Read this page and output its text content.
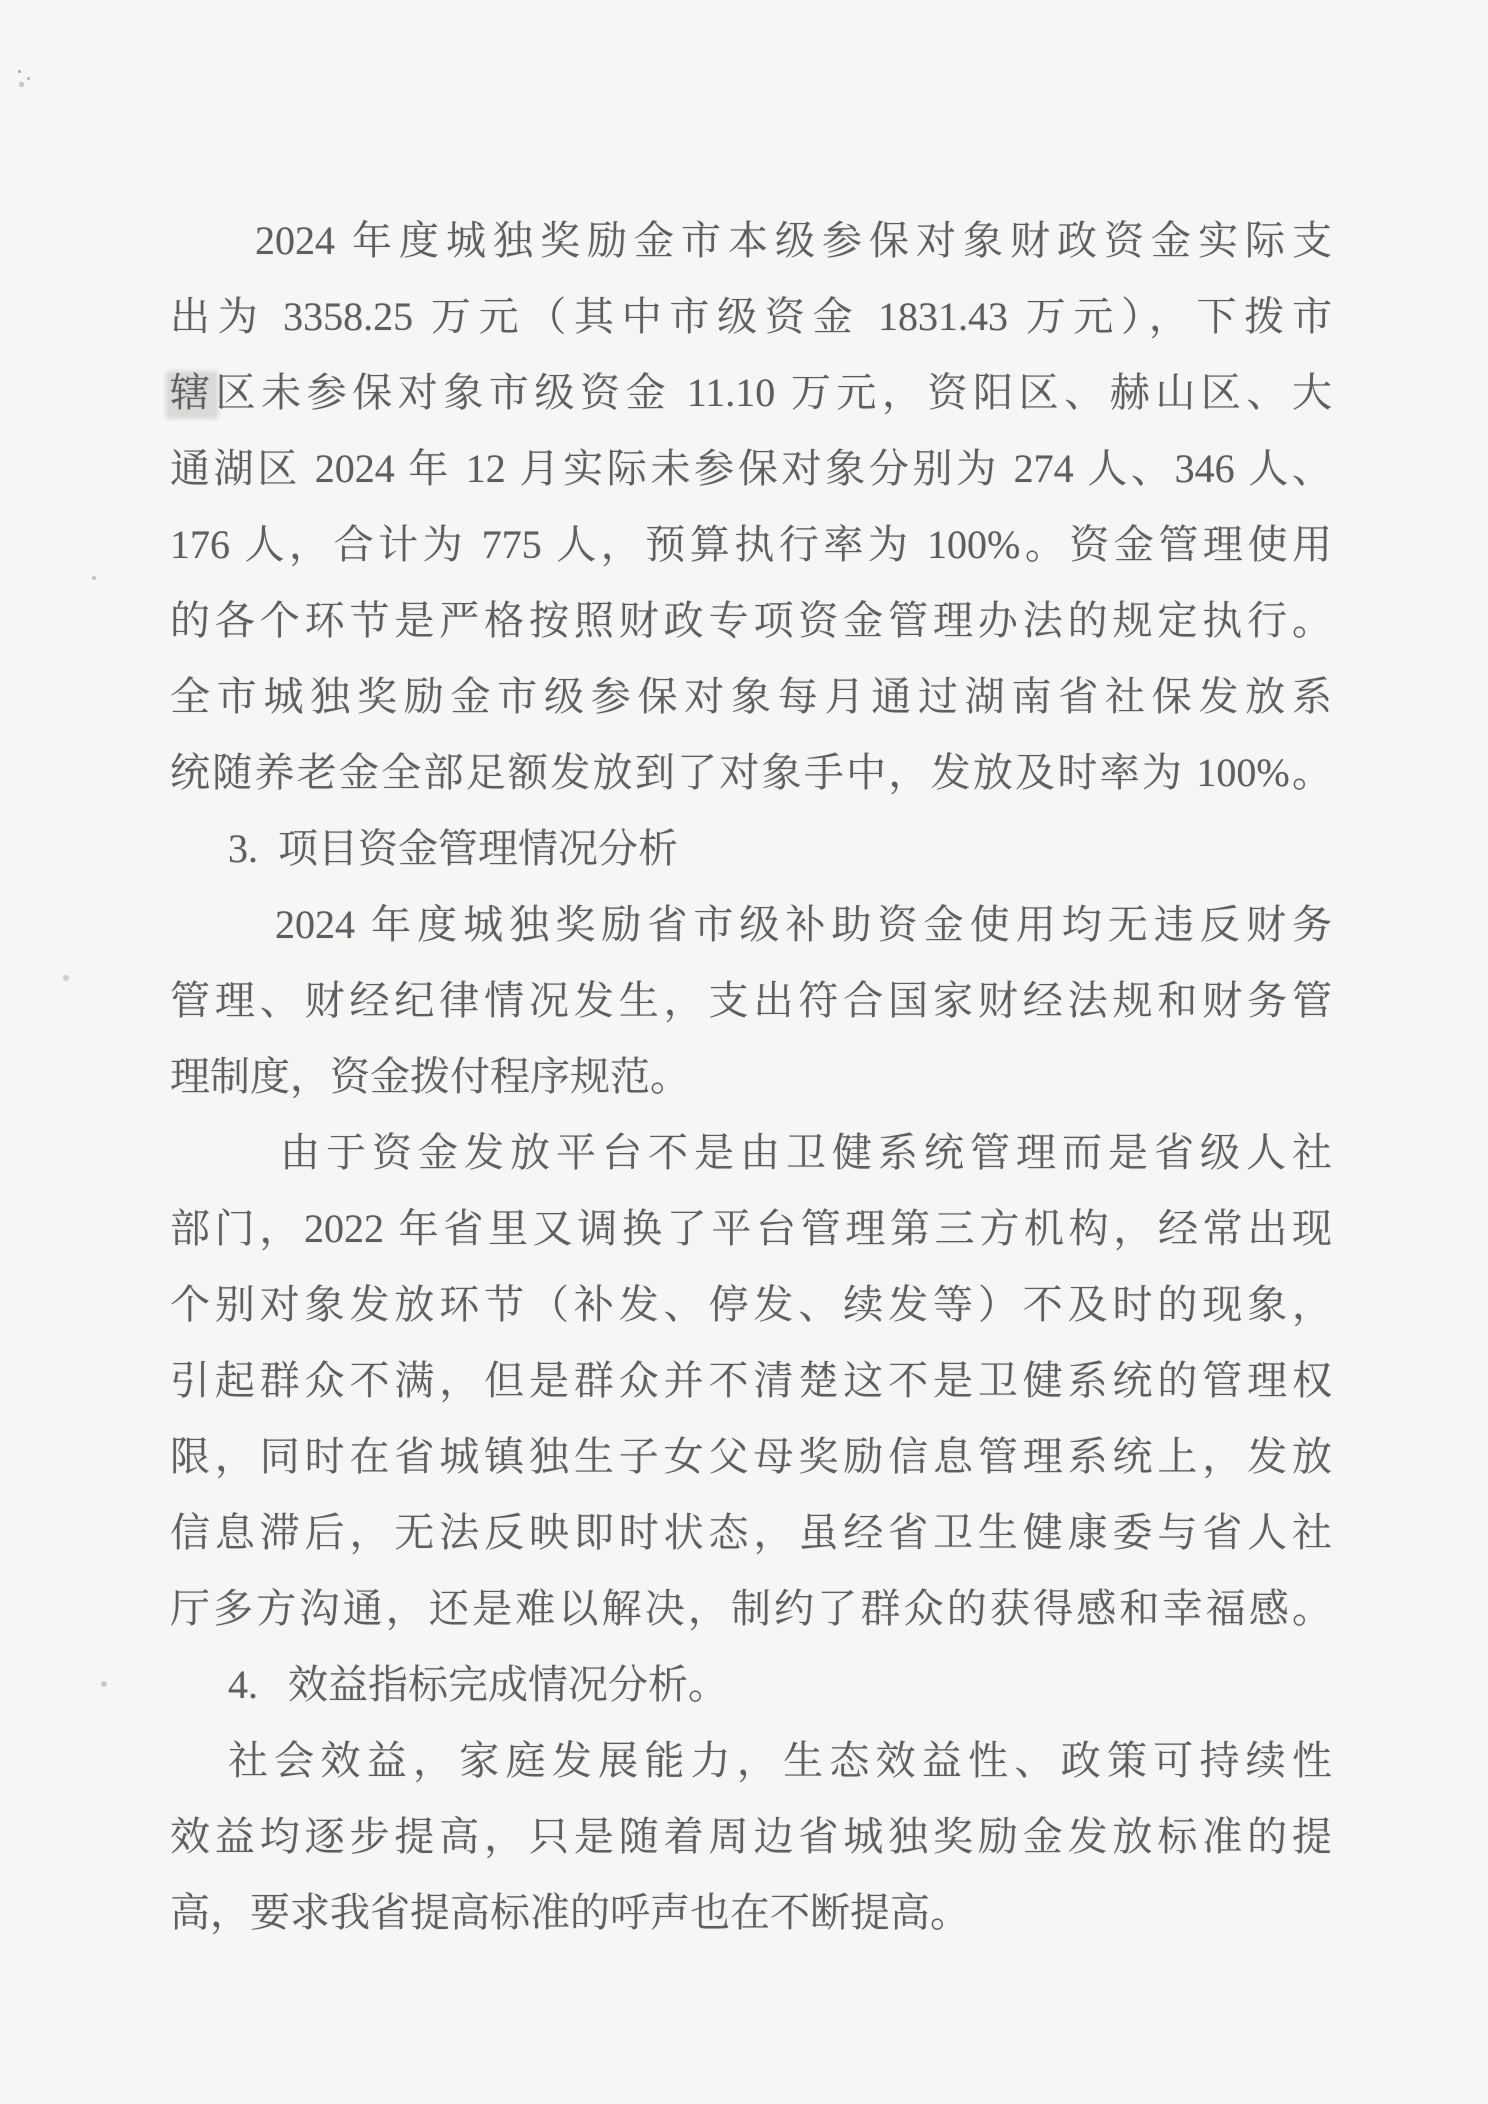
2024 年度城独奖励金市本级参保对象财政资金实际支
出为 3358.25 万元（其中市级资金 1831.43 万元），下拨市
辖区未参保对象市级资金 11.10 万元，资阳区、赫山区、大
通湖区 2024 年 12 月实际未参保对象分别为 274 人、346 人、
176 人，合计为 775 人，预算执行率为 100%。资金管理使用
的各个环节是严格按照财政专项资金管理办法的规定执行。
全市城独奖励金市级参保对象每月通过湖南省社保发放系
统随养老金全部足额发放到了对象手中，发放及时率为 100%。
3.  项目资金管理情况分析
2024 年度城独奖励省市级补助资金使用均无违反财务
管理、财经纪律情况发生，支出符合国家财经法规和财务管
理制度，资金拨付程序规范。
由于资金发放平台不是由卫健系统管理而是省级人社
部门，2022 年省里又调换了平台管理第三方机构，经常出现
个别对象发放环节（补发、停发、续发等）不及时的现象，
引起群众不满，但是群众并不清楚这不是卫健系统的管理权
限，同时在省城镇独生子女父母奖励信息管理系统上，发放
信息滞后，无法反映即时状态，虽经省卫生健康委与省人社
厅多方沟通，还是难以解决，制约了群众的获得感和幸福感。
4.   效益指标完成情况分析。
社会效益，家庭发展能力，生态效益性、政策可持续性
效益均逐步提高，只是随着周边省城独奖励金发放标准的提
高，要求我省提高标准的呼声也在不断提高。
